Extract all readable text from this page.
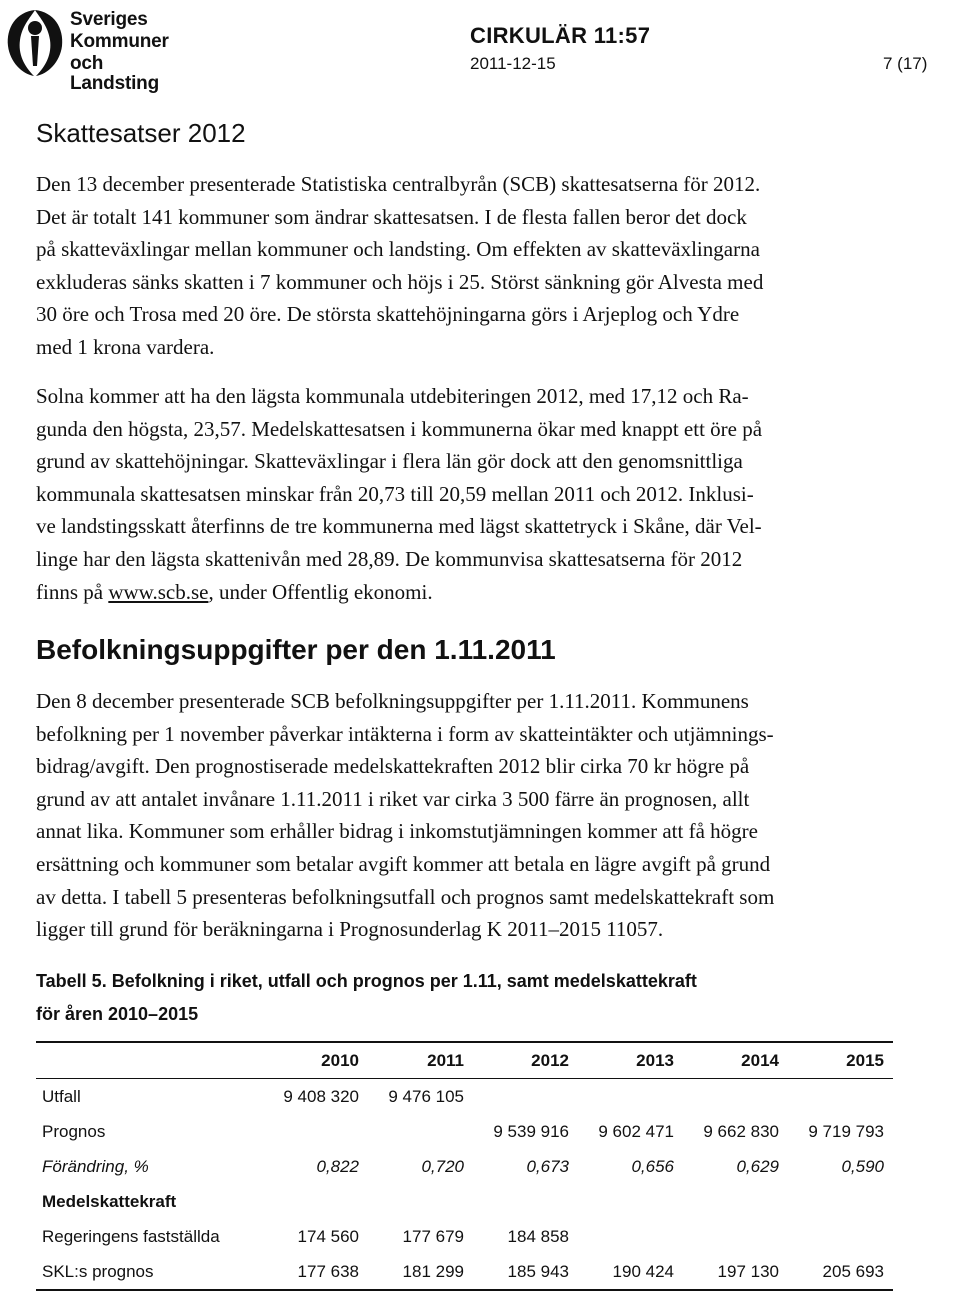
Sveriges
Kommuner
och Landsting
CIRKULÄR 11:57
2011-12-15	7 (17)
Skattesatser 2012

Den 13 december presenterade Statistiska centralbyrån (SCB) skattesatserna för 2012.
Det är totalt 141 kommuner som ändrar skattesatsen. I de flesta fallen beror det dock
på skatteväxlingar mellan kommuner och landsting. Om effekten av skatteväxlingarna
exkluderas sänks skatten i 7 kommuner och höjs i 25. Störst sänkning gör Alvesta med
30 öre och Trosa med 20 öre. De största skattehöjningarna görs i Arjeplog och Ydre
med 1 krona vardera.

Solna kommer att ha den lägsta kommunala utdebiteringen 2012, med 17,12 och Ra-
gunda den högsta, 23,57. Medelskattesatsen i kommunerna ökar med knappt ett öre på
grund av skattehöjningar. Skatteväxlingar i flera län gör dock att den genomsnittliga
kommunala skattesatsen minskar från 20,73 till 20,59 mellan 2011 och 2012. Inklusi-
ve landstingsskatt återfinns de tre kommunerna med lägst skattetryck i Skåne, där Vel-
linge har den lägsta skattenivån med 28,89. De kommunvisa skattesatserna för 2012
finns på www.scb.se, under Offentlig ekonomi.

Befolkningsuppgifter per den 1.11.2011

Den 8 december presenterade SCB befolkningsuppgifter per 1.11.2011. Kommunens
befolkning per 1 november påverkar intäkterna i form av skatteintäkter och utjämnings-
bidrag/avgift. Den prognostiserade medelskattekraften 2012 blir cirka 70 kr högre på
grund av att antalet invånare 1.11.2011 i riket var cirka 3 500 färre än prognosen, allt
annat lika. Kommuner som erhåller bidrag i inkomstutjämningen kommer att få högre
ersättning och kommuner som betalar avgift kommer att betala en lägre avgift på grund
av detta. I tabell 5 presenteras befolkningsutfall och prognos samt medelskattekraft som
ligger till grund för beräkningarna i Prognosunderlag K 2011–2015 11057.

Tabell 5. Befolkning i riket, utfall och prognos per 1.11, samt medelskattekraft
för åren 2010–2015
	2010	2011	2012	2013	2014	2015
Utfall	9 408 320	9 476 105				
Prognos			9 539 916	9 602 471	9 662 830	9 719 793
Förändring, %	0,822	0,720	0,673	0,656	0,629	0,590
Medelskattekraft						
Regeringens fastställda	174 560	177 679	184 858			
SKL:s prognos	177 638	181 299	185 943	190 424	197 130	205 693
